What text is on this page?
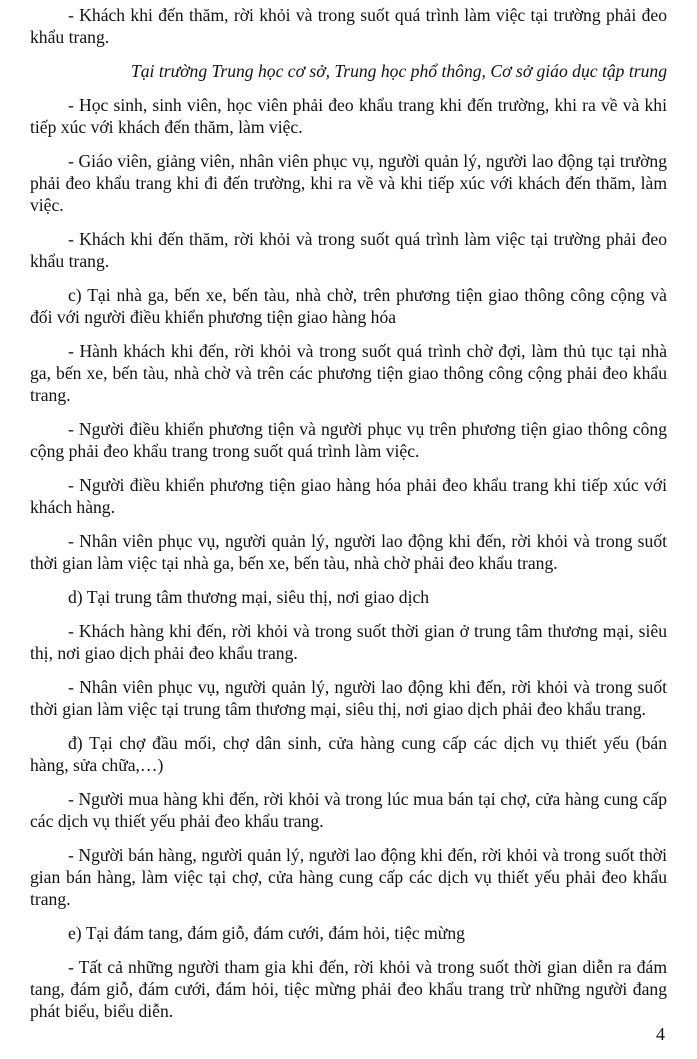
- Khách khi đến thăm, rời khỏi và trong suốt quá trình làm việc tại trường phải đeo khẩu trang.

Tại trường Trung học cơ sở, Trung học phổ thông, Cơ sở giáo dục tập trung

- Học sinh, sinh viên, học viên phải đeo khẩu trang khi đến trường, khi ra về và khi tiếp xúc với khách đến thăm, làm việc.

- Giáo viên, giảng viên, nhân viên phục vụ, người quản lý, người lao động tại trường phải đeo khẩu trang khi đi đến trường, khi ra về và khi tiếp xúc với khách đến thăm, làm việc.

- Khách khi đến thăm, rời khỏi và trong suốt quá trình làm việc tại trường phải đeo khẩu trang.

c) Tại nhà ga, bến xe, bến tàu, nhà chờ, trên phương tiện giao thông công cộng và đối với người điều khiển phương tiện giao hàng hóa

- Hành khách khi đến, rời khỏi và trong suốt quá trình chờ đợi, làm thủ tục tại nhà ga, bến xe, bến tàu, nhà chờ và trên các phương tiện giao thông công cộng phải đeo khẩu trang.

- Người điều khiển phương tiện và người phục vụ trên phương tiện giao thông công cộng phải đeo khẩu trang trong suốt quá trình làm việc.

- Người điều khiển phương tiện giao hàng hóa phải đeo khẩu trang khi tiếp xúc với khách hàng.

- Nhân viên phục vụ, người quản lý, người lao động khi đến, rời khỏi và trong suốt thời gian làm việc tại nhà ga, bến xe, bến tàu, nhà chờ phải đeo khẩu trang.

d) Tại trung tâm thương mại, siêu thị, nơi giao dịch

- Khách hàng khi đến, rời khỏi và trong suốt thời gian ở trung tâm thương mại, siêu thị, nơi giao dịch phải đeo khẩu trang.

- Nhân viên phục vụ, người quản lý, người lao động khi đến, rời khỏi và trong suốt thời gian làm việc tại trung tâm thương mại, siêu thị, nơi giao dịch phải đeo khẩu trang.

đ) Tại chợ đầu mối, chợ dân sinh, cửa hàng cung cấp các dịch vụ thiết yếu (bán hàng, sửa chữa,…)

- Người mua hàng khi đến, rời khỏi và trong lúc mua bán tại chợ, cửa hàng cung cấp các dịch vụ thiết yếu phải đeo khẩu trang.

- Người bán hàng, người quản lý, người lao động khi đến, rời khỏi và trong suốt thời gian bán hàng, làm việc tại chợ, cửa hàng cung cấp các dịch vụ thiết yếu phải đeo khẩu trang.

e) Tại đám tang, đám giỗ, đám cưới, đám hỏi, tiệc mừng

- Tất cả những người tham gia khi đến, rời khỏi và trong suốt thời gian diễn ra đám tang, đám giỗ, đám cưới, đám hỏi, tiệc mừng phải đeo khẩu trang trừ những người đang phát biểu, biểu diễn.

4
